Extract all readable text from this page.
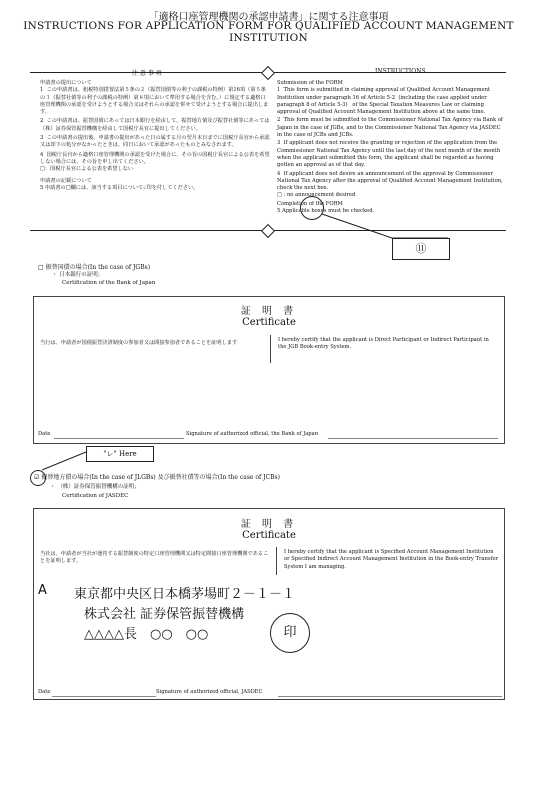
「適格口座管理機関の承認申請書」に関する注意事項
INSTRUCTIONS FOR APPLICATION FORM FOR QUALIFIED ACCOUNT MANAGEMENT INSTITUTION
注 意 事 項	INSTRUCTIONS
申請書の提出について
1  この申請書は、租税特別措置法第５条の２（振替国債等の利子の課税の特例）第16項（第５条の３（振替社債等の利子の課税の特例）第８項において準用する場合を含む。）に規定する適格口座管理機関の承認を受けようとする場合又はそれらの承認を併せて受けようとする場合に提出します。
2  この申請書は、振替国債にあっては日本銀行を経由して、振替地方債及び振替社債等にあっては（株）証券保管振替機構を経由して国税庁長官に提出してください。
3  この申請書の提出後、申請書の提出があった日の属する月の翌月末日までに国税庁長官から承認又は却下の処分がなかったときは、同日において承認があったものとみなされます。
4  国税庁長官から適格口座管理機関の承認を受けた場合に、その旨の国税庁長官による公表を希望しない場合には、その旨を申し出てください。
□：国税庁長官による公表を希望しない
申請書の記載について
5 申請書の□欄には、該当する項目について✓印を付してください。
Submission of the FORM
1  This form is submitted in claiming approval of Qualified Account Management Institution under paragraph 16 of Article 5-2  (including the case applied under paragraph 8 of Article 5-3)   of the Special Taxation Measures Law or claiming approval of Qualified Account Management Institution above at the same time.
2  This form must be submitted to the Commissioner National Tax Agency via Bank of Japan in the case of JGBs, and to the Commissioner National Tax Agency via JASDEC in the case of JCBs and JCBs.
3  If applicant does not receive the granting or rejection of the application from the Commissioner National Tax Agency until the last day of the next month of the month when the applicant submitted this form, the applicant shall be regarded as having gotten an approval as of that day.
4  If applicant does not desire an announcement of the approval by Commissioner National Tax Agency after the approval of Qualified Account Management Institution, check the next box.
□ : no announcement desired
Completion of the FORM
5 Applicable boxes must be checked.
⑪
□ 振替国債の場合(In the case of JGBs)
・ 日本銀行の証明；
Certification of the Bank of Japan
証 明 書
Certificate
当行は、申請者が国債振替決済制度の参加者又は間接参加者であることを証明します	I hereby certify that the applicant is Direct Participant or Indirect Participant in the JGB Book-entry System.
Date	Signature of authorized official, the Bank of Japan
"レ" Here
☑ 振替地方債の場合(In the case of JLGBs) 及び振替社債等の場合(In the case of JCBs)
・ （株）証券保管振替機構の証明；
Certification of JASDEC
証 明 書
Certificate
当社は、申請者が当社が運営する振替制度の特定口座管理機関又は特定間接口座管理機関であることを証明します。
I hereby certify that the applicant is Specified Account Management Institution or Specified Indirect Account Management Institution in the Book-entry Transfer System I am managing.
A 東京都中央区日本橋茅場町２－１－１
株式会社 証券保管振替機構
△△△△長　○○　○○	印
Date	Signature of authorized official, JASDEC
